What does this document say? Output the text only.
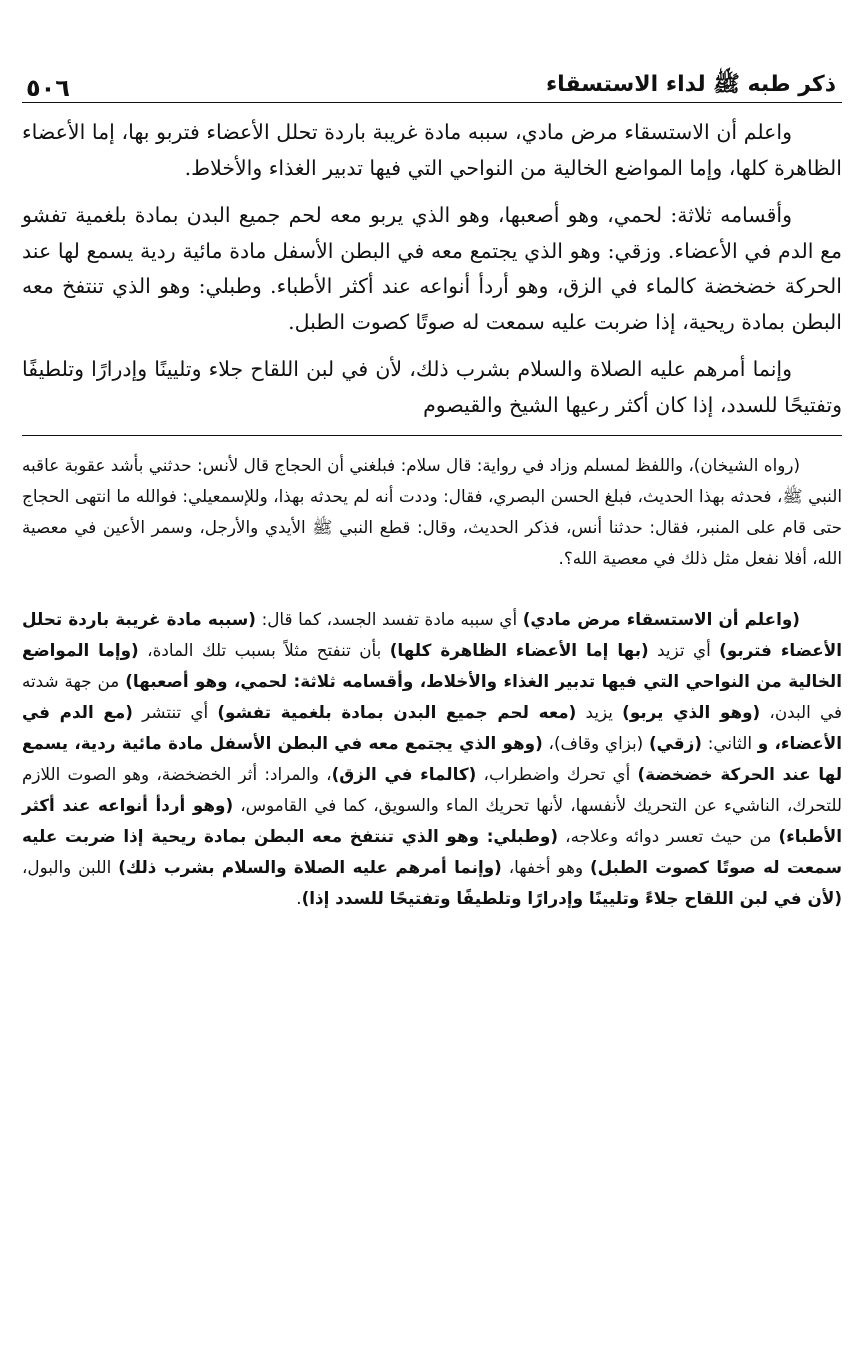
ذكر طبه ﷺ لداء الاستسقاء
٥٠٦

واعلم أن الاستسقاء مرض مادي، سببه مادة غريبة باردة تحلل الأعضاء فتربو بها، إما الأعضاء الظاهرة كلها، وإما المواضع الخالية من النواحي التي فيها تدبير الغذاء والأخلاط.

وأقسامه ثلاثة: لحمي، وهو أصعبها، وهو الذي يربو معه لحم جميع البدن بمادة بلغمية تفشو مع الدم في الأعضاء. وزقي: وهو الذي يجتمع معه في البطن الأسفل مادة مائية ردية يسمع لها عند الحركة خضخضة كالماء في الزق، وهو أردأ أنواعه عند أكثر الأطباء. وطبلي: وهو الذي تنتفخ معه البطن بمادة ريحية، إذا ضربت عليه سمعت له صوتًا كصوت الطبل.

وإنما أمرهم عليه الصلاة والسلام بشرب ذلك، لأن في لبن اللقاح جلاء وتليينًا وإدرارًا وتلطيفًا وتفتيحًا للسدد، إذا كان أكثر رعيها الشيخ والقيصوم

(رواه الشيخان)، واللفظ لمسلم وزاد في رواية: قال سلام: فبلغني أن الحجاج قال لأنس: حدثني بأشد عقوبة عاقبه النبي ﷺ، فحدثه بهذا الحديث، فبلغ الحسن البصري، فقال: وددت أنه لم يحدثه بهذا، وللإسمعيلي: فوالله ما انتهى الحجاج حتى قام على المنبر، فقال: حدثنا أنس، فذكر الحديث، وقال: قطع النبي ﷺ الأيدي والأرجل، وسمر الأعين في معصية الله، أفلا نفعل مثل ذلك في معصية الله؟.

(واعلم أن الاستسقاء مرض مادي) أي سببه مادة تفسد الجسد، كما قال: (سببه مادة غريبة باردة تحلل الأعضاء فتربو) أي تزيد (بها إما الأعضاء الظاهرة كلها) بأن تنفتح مثلاً بسبب تلك المادة، (وإما المواضع الخالية من النواحي التي فيها تدبير الغذاء والأخلاط، وأقسامه ثلاثة: لحمي، وهو أصعبها) من جهة شدته في البدن، (وهو الذي يربو) يزيد (معه لحم جميع البدن بمادة بلغمية تفشو) أي تنتشر (مع الدم في الأعضاء، و الثاني: (زقي) (بزاي وقاف)، (وهو الذي يجتمع معه في البطن الأسفل مادة مائية ردية، يسمع لها عند الحركة خضخضة) أي تحرك واضطراب، (كالماء في الزق)، والمراد: أثر الخضخضة، وهو الصوت اللازم للتحرك، الناشيء عن التحريك لأنفسها، لأنها تحريك الماء والسويق، كما في القاموس، (وهو أردأ أنواعه عند أكثر الأطباء) من حيث تعسر دوائه وعلاجه، (وطبلي: وهو الذي تنتفخ معه البطن بمادة ريحية إذا ضربت عليه سمعت له صوتًا كصوت الطبل) وهو أخفها، (وإنما أمرهم عليه الصلاة والسلام بشرب ذلك) اللبن والبول، (لأن في لبن اللقاح جلاءً وتليينًا وإدرارًا وتلطيفًا وتفتيحًا للسدد إذا).
